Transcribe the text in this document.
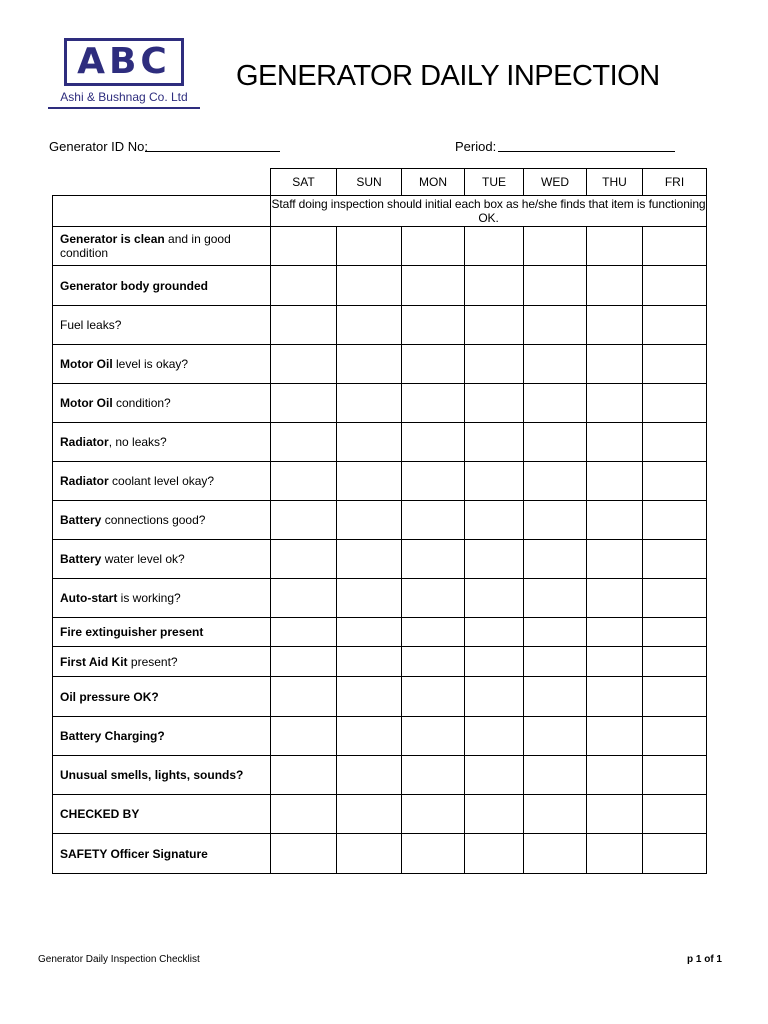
ABC
Ashi & Bushnag Co. Ltd
GENERATOR DAILY INPECTION
Generator ID No:	Period:
	SAT	SUN	MON	TUE	WED	THU	FRI
	Staff doing inspection should initial each box as he/she finds that item is functioning OK.						
Generator is clean and in good condition							
Generator body grounded							
Fuel leaks?							
Motor Oil level is okay?							
Motor Oil condition?							
Radiator, no leaks?							
Radiator coolant level okay?							
Battery connections good?							
Battery water level ok?							
Auto-start is working?							
Fire extinguisher present							
First Aid Kit present?							
Oil pressure OK?							
Battery Charging?							
Unusual smells, lights, sounds?							
CHECKED BY							
SAFETY Officer Signature							
Generator Daily Inspection Checklist	p 1 of 1
